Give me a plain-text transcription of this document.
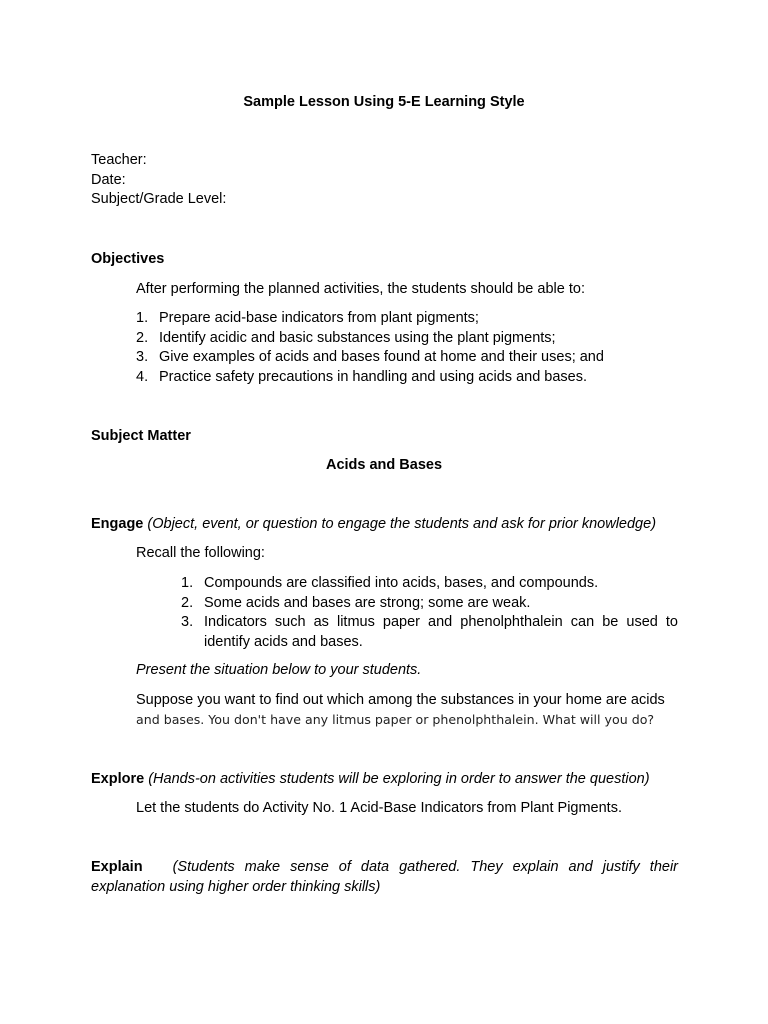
Sample Lesson Using 5-E Learning Style
Teacher:
Date:
Subject/Grade Level:
Objectives
After performing the planned activities, the students should be able to:
1. Prepare acid-base indicators from plant pigments;
2. Identify acidic and basic substances using the plant pigments;
3. Give examples of acids and bases found at home and their uses; and
4. Practice safety precautions in handling and using acids and bases.
Subject Matter
Acids and Bases
Engage (Object, event, or question to engage the students and ask for prior knowledge)
Recall the following:
1. Compounds are classified into acids, bases, and compounds.
2. Some acids and bases are strong; some are weak.
3. Indicators such as litmus paper and phenolphthalein can be used to identify acids and bases.
Present the situation below to your students.
Suppose you want to find out which among the substances in your home are acids
and bases. You don't have any litmus paper or phenolphthalein. What will you do?
Explore (Hands-on activities students will be exploring in order to answer the question)
Let the students do Activity No. 1 Acid-Base Indicators from Plant Pigments.
Explain (Students make sense of data gathered. They explain and justify their explanation using higher order thinking skills)
